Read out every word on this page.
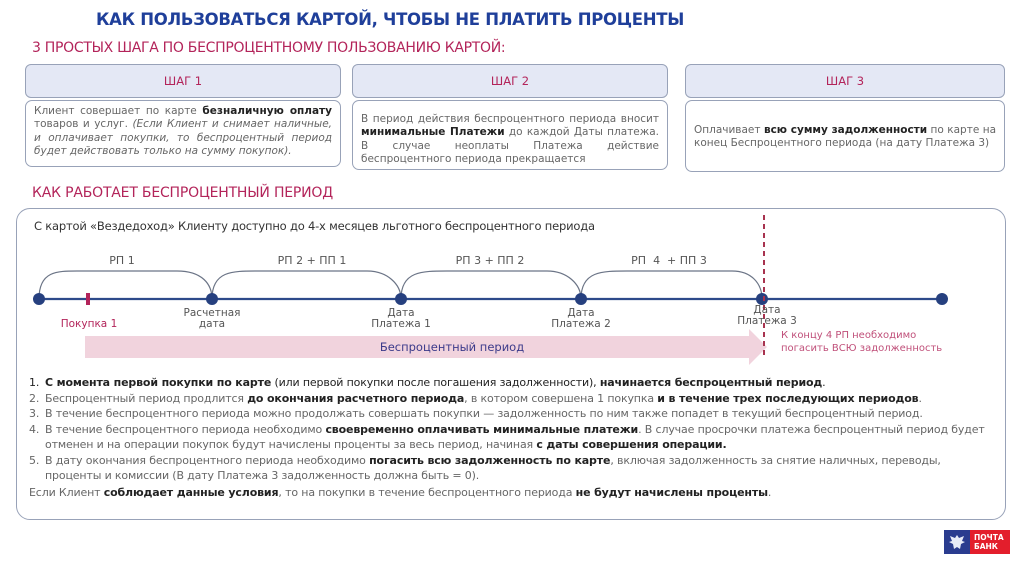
КАК ПОЛЬЗОВАТЬСЯ КАРТОЙ, ЧТОБЫ НЕ ПЛАТИТЬ ПРОЦЕНТЫ
3 ПРОСТЫХ ШАГА ПО БЕСПРОЦЕНТНОМУ ПОЛЬЗОВАНИЮ КАРТОЙ:
ШАГ 1
Клиент совершает по карте безналичную оплату товаров и услуг. (Если Клиент и снимает наличные, и оплачивает покупки, то беспроцентный период будет действовать только на сумму покупок).
ШАГ 2
В период действия беспроцентного периода вносит минимальные Платежи до каждой Даты платежа. В случае неоплаты Платежа действие беспроцентного периода прекращается
ШАГ 3
Оплачивает всю сумму задолженности по карте на конец Беспроцентного периода (на дату Платежа 3)
КАК РАБОТАЕТ БЕСПРОЦЕНТНЫЙ ПЕРИОД
С картой «Вездедоход» Клиенту доступно до 4-х месяцев льготного беспроцентного периода
Беспроцентный период
РП 1	РП 2 + ПП 1	РП 3 + ПП 2	РП  4  + ПП 3
Покупка 1
Расчетная
дата
Дата
Платежа 1
Дата
Платежа 2
Дата
Платежа 3
К концу 4 РП необходимо
погасить ВСЮ задолженность
1. С момента первой покупки по карте (или первой покупки после погашения задолженности), начинается беспроцентный период.
2. Беспроцентный период продлится до окончания расчетного периода, в котором совершена 1 покупка и в течение трех последующих периодов.
3. В течение беспроцентного периода можно продолжать совершать покупки — задолженность по ним также попадет в текущий беспроцентный период.
4. В течение беспроцентного периода необходимо своевременно оплачивать минимальные платежи. В случае просрочки платежа беспроцентный период будет отменен и на операции покупок будут начислены проценты за весь период, начиная с даты совершения операции.
5. В дату окончания беспроцентного периода необходимо погасить всю задолженность по карте, включая задолженность за снятие наличных, переводы, проценты и комиссии (В дату Платежа 3 задолженность должна быть = 0).
Если Клиент соблюдает данные условия, то на покупки в течение беспроцентного периода не будут начислены проценты.
ПОЧТА
БАНК
